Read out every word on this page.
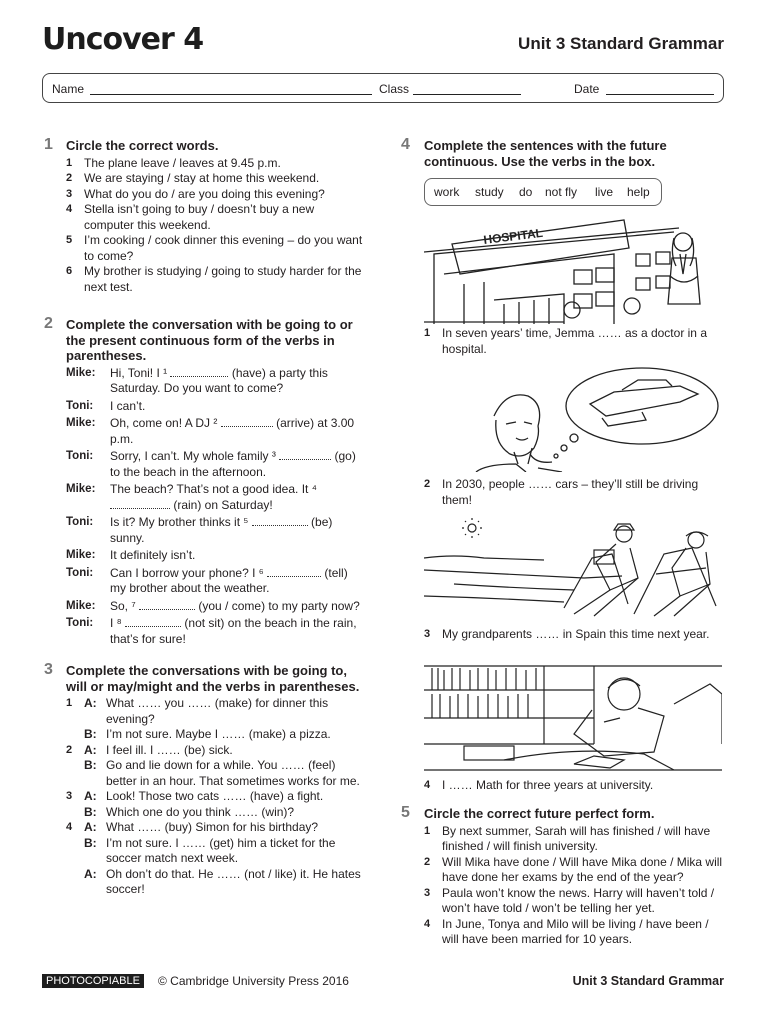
Uncover 4	Unit 3 Standard Grammar
Name	Class	Date
1 Circle the correct words.
1 The plane leave / leaves at 9.45 p.m.
2 We are staying / stay at home this weekend.
3 What do you do / are you doing this evening?
4 Stella isn’t going to buy / doesn’t buy a new computer this weekend.
5 I’m cooking / cook dinner this evening – do you want to come?
6 My brother is studying / going to study harder for the next test.
2 Complete the conversation with be going to or the present continuous form of the verbs in parentheses.
Mike: Hi, Toni! I ¹	(have) a party this Saturday. Do you want to come?
Toni: I can’t.
Mike: Oh, come on! A DJ ²	(arrive) at 3.00 p.m.
Toni: Sorry, I can’t. My whole family ³	(go) to the beach in the afternoon.
Mike: The beach? That’s not a good idea. It ⁴  (rain) on Saturday!
Toni: Is it? My brother thinks it ⁵	(be) sunny.
Mike: It definitely isn’t.
Toni: Can I borrow your phone? I ⁶	(tell) my brother about the weather.
Mike: So, ⁷	(you / come) to my party now?
Toni: I ⁸	(not sit) on the beach in the rain, that’s for sure!
3 Complete the conversations with be going to, will or may/might and the verbs in parentheses.
1 A: What …… you …… (make) for dinner this evening?
B: I’m not sure. Maybe I …… (make) a pizza.
2 A: I feel ill. I …… (be) sick.
B: Go and lie down for a while. You …… (feel) better in an hour. That sometimes works for me.
3 A: Look! Those two cats …… (have) a fight.
B: Which one do you think …… (win)?
4 A: What …… (buy) Simon for his birthday?
B: I’m not sure. I …… (get) him a ticket for the soccer match next week.
A: Oh don’t do that. He …… (not / like) it. He hates soccer!
4 Complete the sentences with the future continuous. Use the verbs in the box.
work study do not fly live help
HOSPITAL
1 In seven years’ time, Jemma …… as a doctor in a hospital.
2 In 2030, people …… cars – they’ll still be driving them!
3 My grandparents …… in Spain this time next year.
4 I …… Math for three years at university.
5 Circle the correct future perfect form.
1 By next summer, Sarah will has finished / will have finished / will finish university.
2 Will Mika have done / Will have Mika done / Mika will have done her exams by the end of the year?
3 Paula won’t know the news. Harry will haven’t told / won’t have told / won’t be telling her yet.
4 In June, Tonya and Milo will be living / have been / will have been married for 10 years.
PHOTOCOPIABLE	© Cambridge University Press 2016	Unit 3 Standard Grammar
